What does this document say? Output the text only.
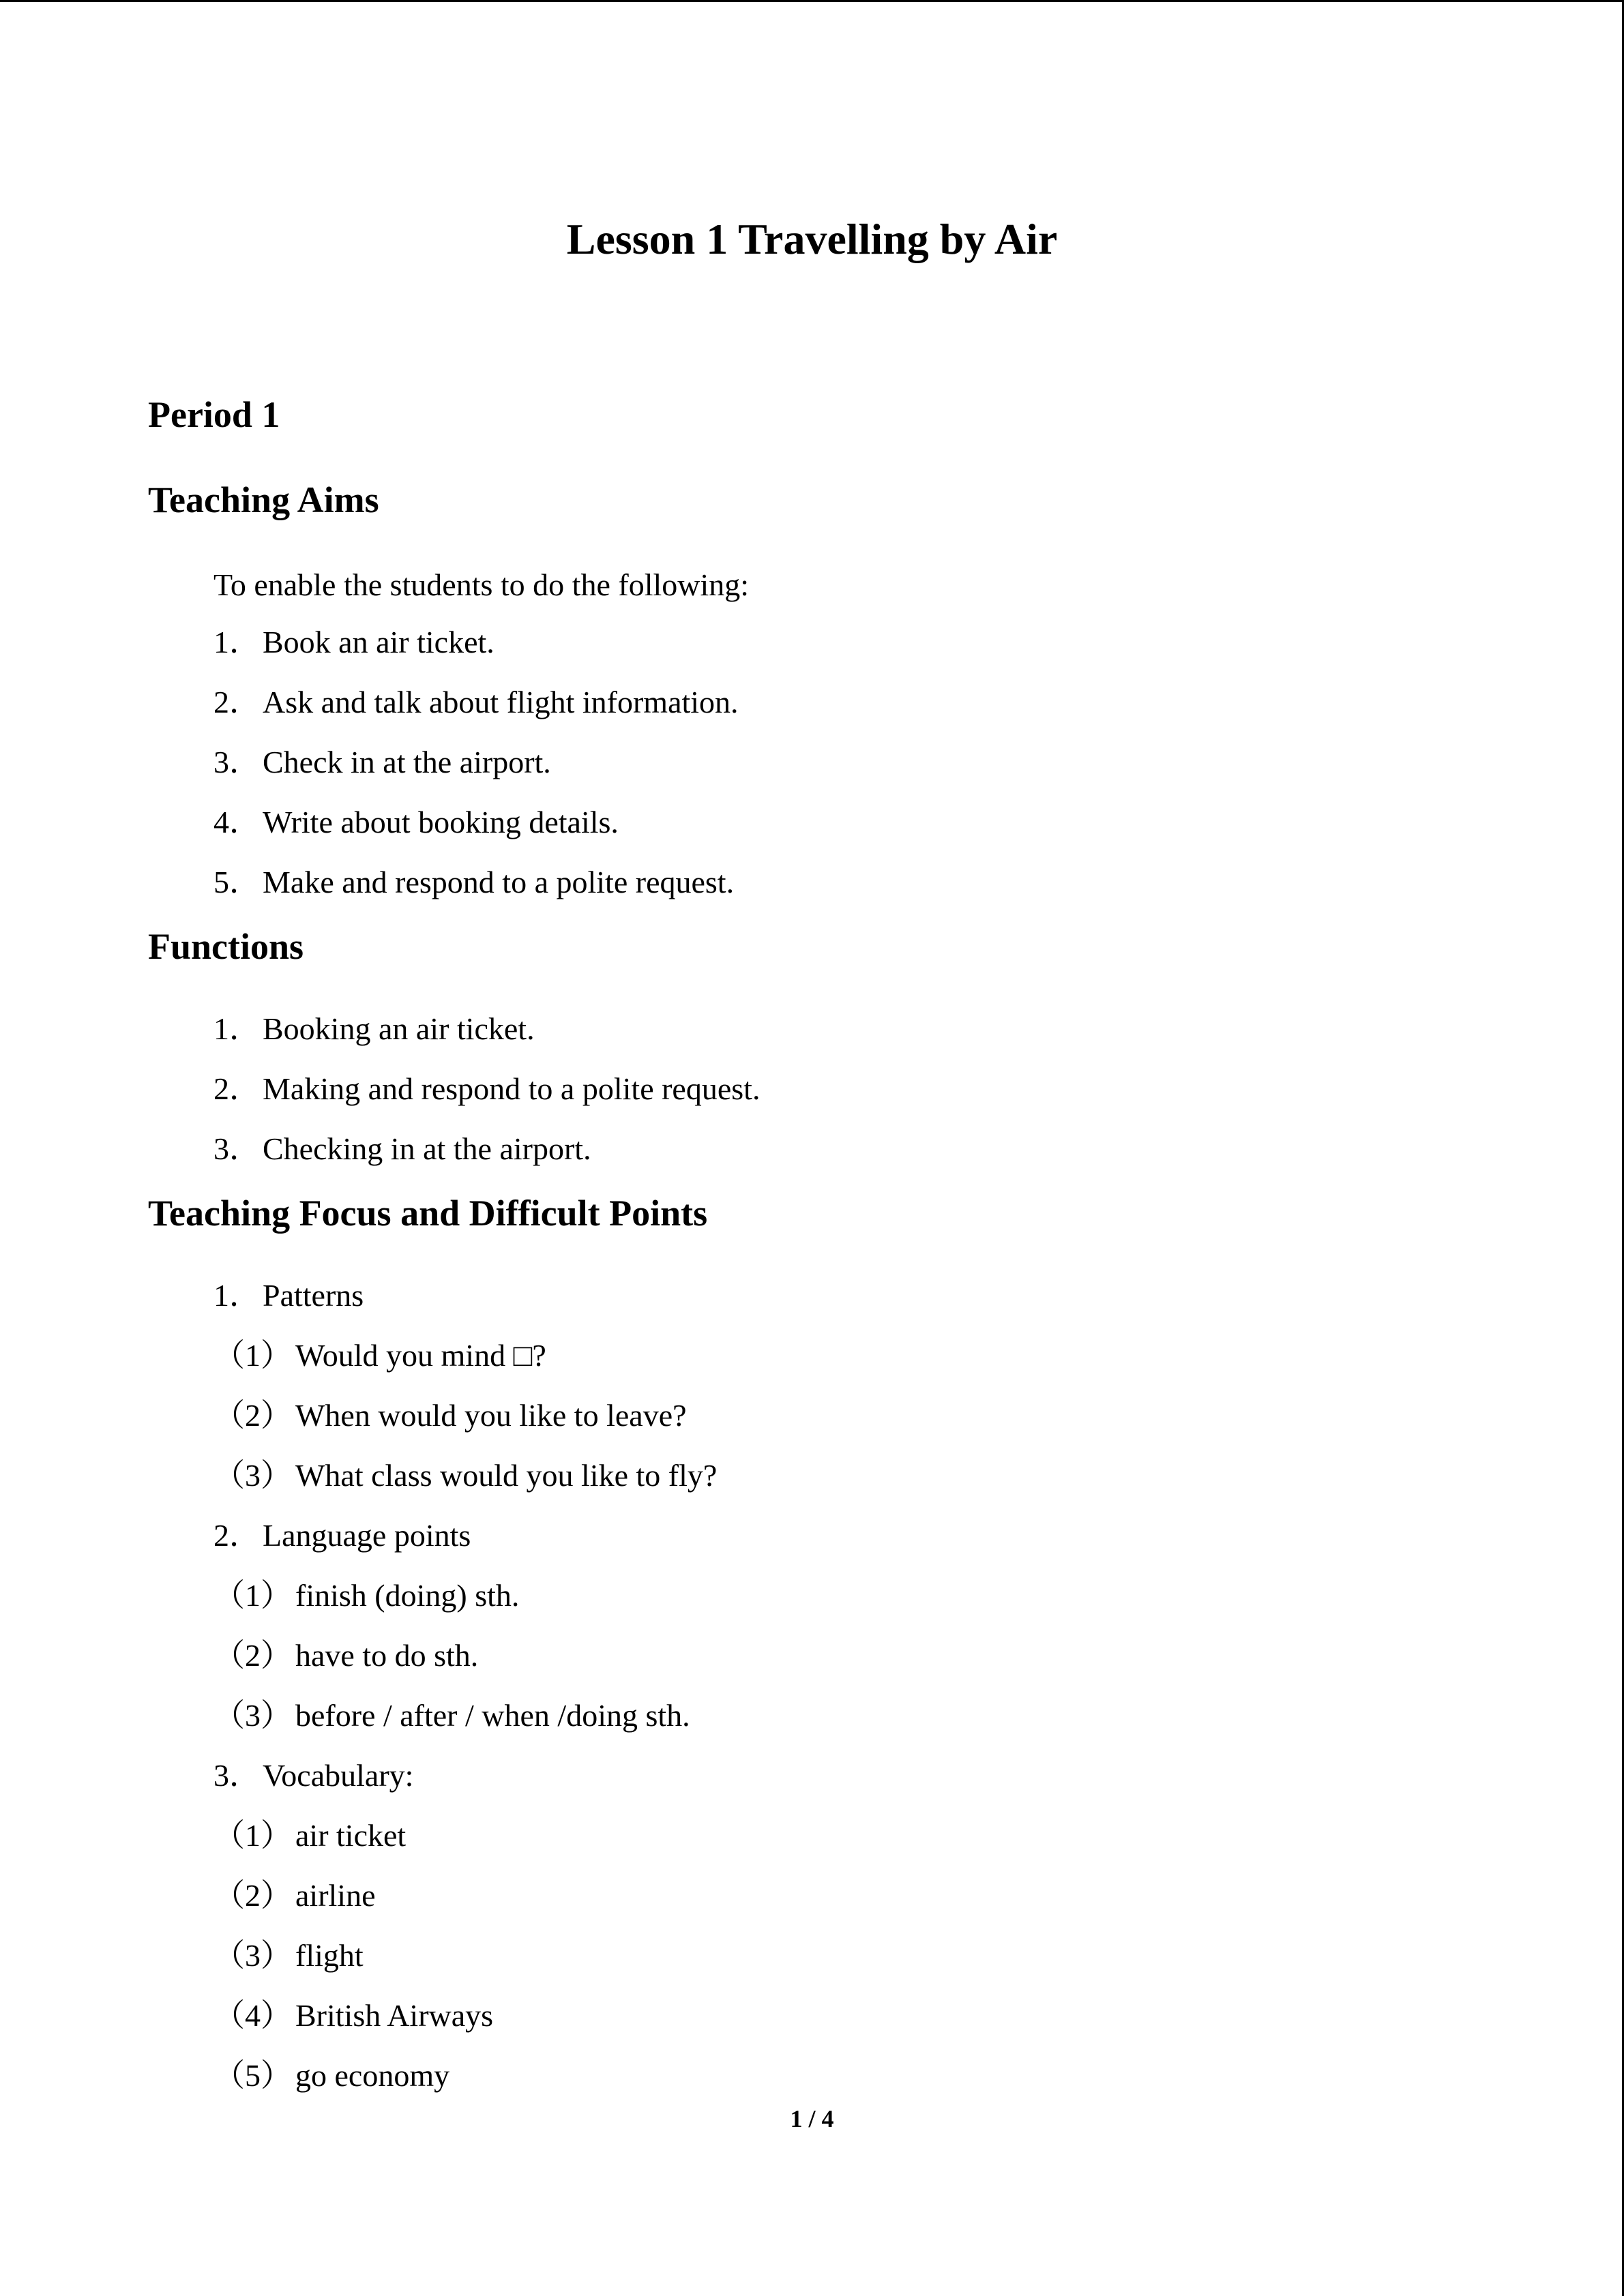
Lesson 1 Travelling by Air
Period 1
Teaching Aims
To enable the students to do the following:
1．Book an air ticket.
2．Ask and talk about flight information.
3．Check in at the airport.
4．Write about booking details.
5．Make and respond to a polite request.
Functions
1．Booking an air ticket.
2．Making and respond to a polite request.
3．Checking in at the airport.
Teaching Focus and Difficult Points
1．Patterns
（1） Would you mind □?
（2） When would you like to leave?
（3） What class would you like to fly?
2．Language points
（1） finish (doing) sth.
（2） have to do sth.
（3） before / after / when /doing sth.
3．Vocabulary:
（1） air ticket
（2） airline
（3） flight
（4） British Airways
（5） go economy
1 / 4
